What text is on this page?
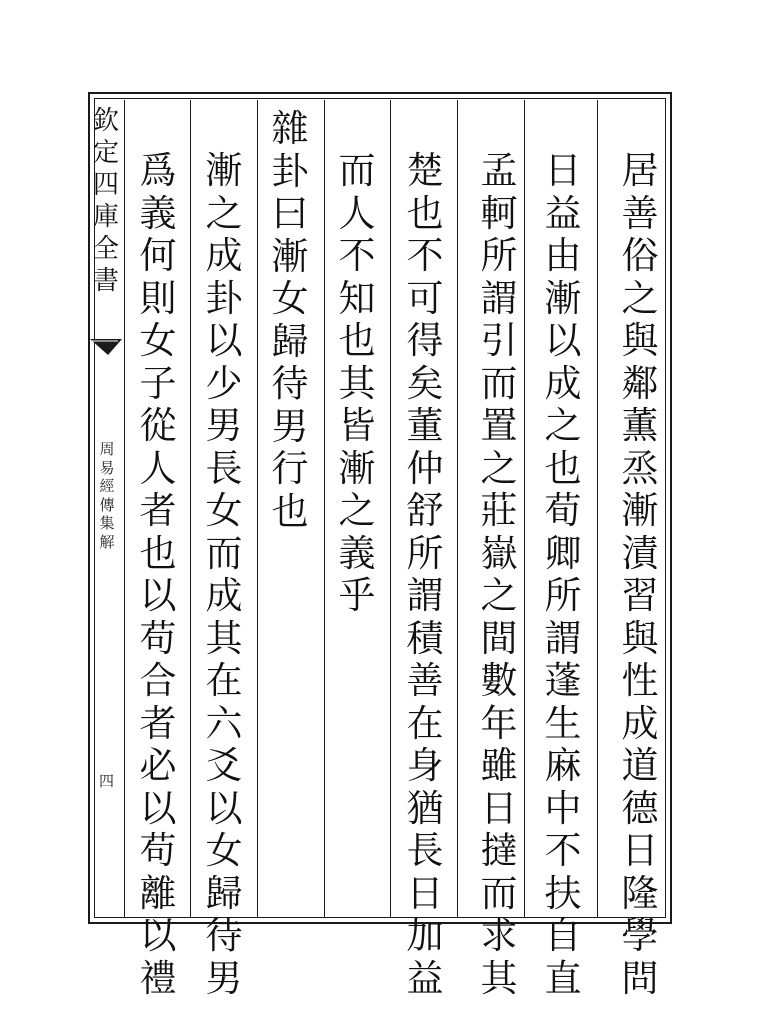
欽
定
四
庫
全
書
周
易
經
傳
集
解
四
居
善
俗
之
與
鄰
薫
烝
漸
漬
習
與
性
成
道
德
日
隆
學
問
日
益
由
漸
以
成
之
也
荀
卿
所
謂
蓬
生
麻
中
不
扶
自
直
孟
軻
所
謂
引
而
置
之
莊
嶽
之
間
數
年
雖
日
撻
而
求
其
楚
也
不
可
得
矣
董
仲
舒
所
謂
積
善
在
身
猶
長
日
加
益
而
人
不
知
也
其
皆
漸
之
義
乎
雜
卦
曰
漸
女
歸
待
男
行
也
漸
之
成
卦
以
少
男
長
女
而
成
其
在
六
爻
以
女
歸
待
男
爲
義
何
則
女
子
從
人
者
也
以
苟
合
者
必
以
苟
離
以
禮
